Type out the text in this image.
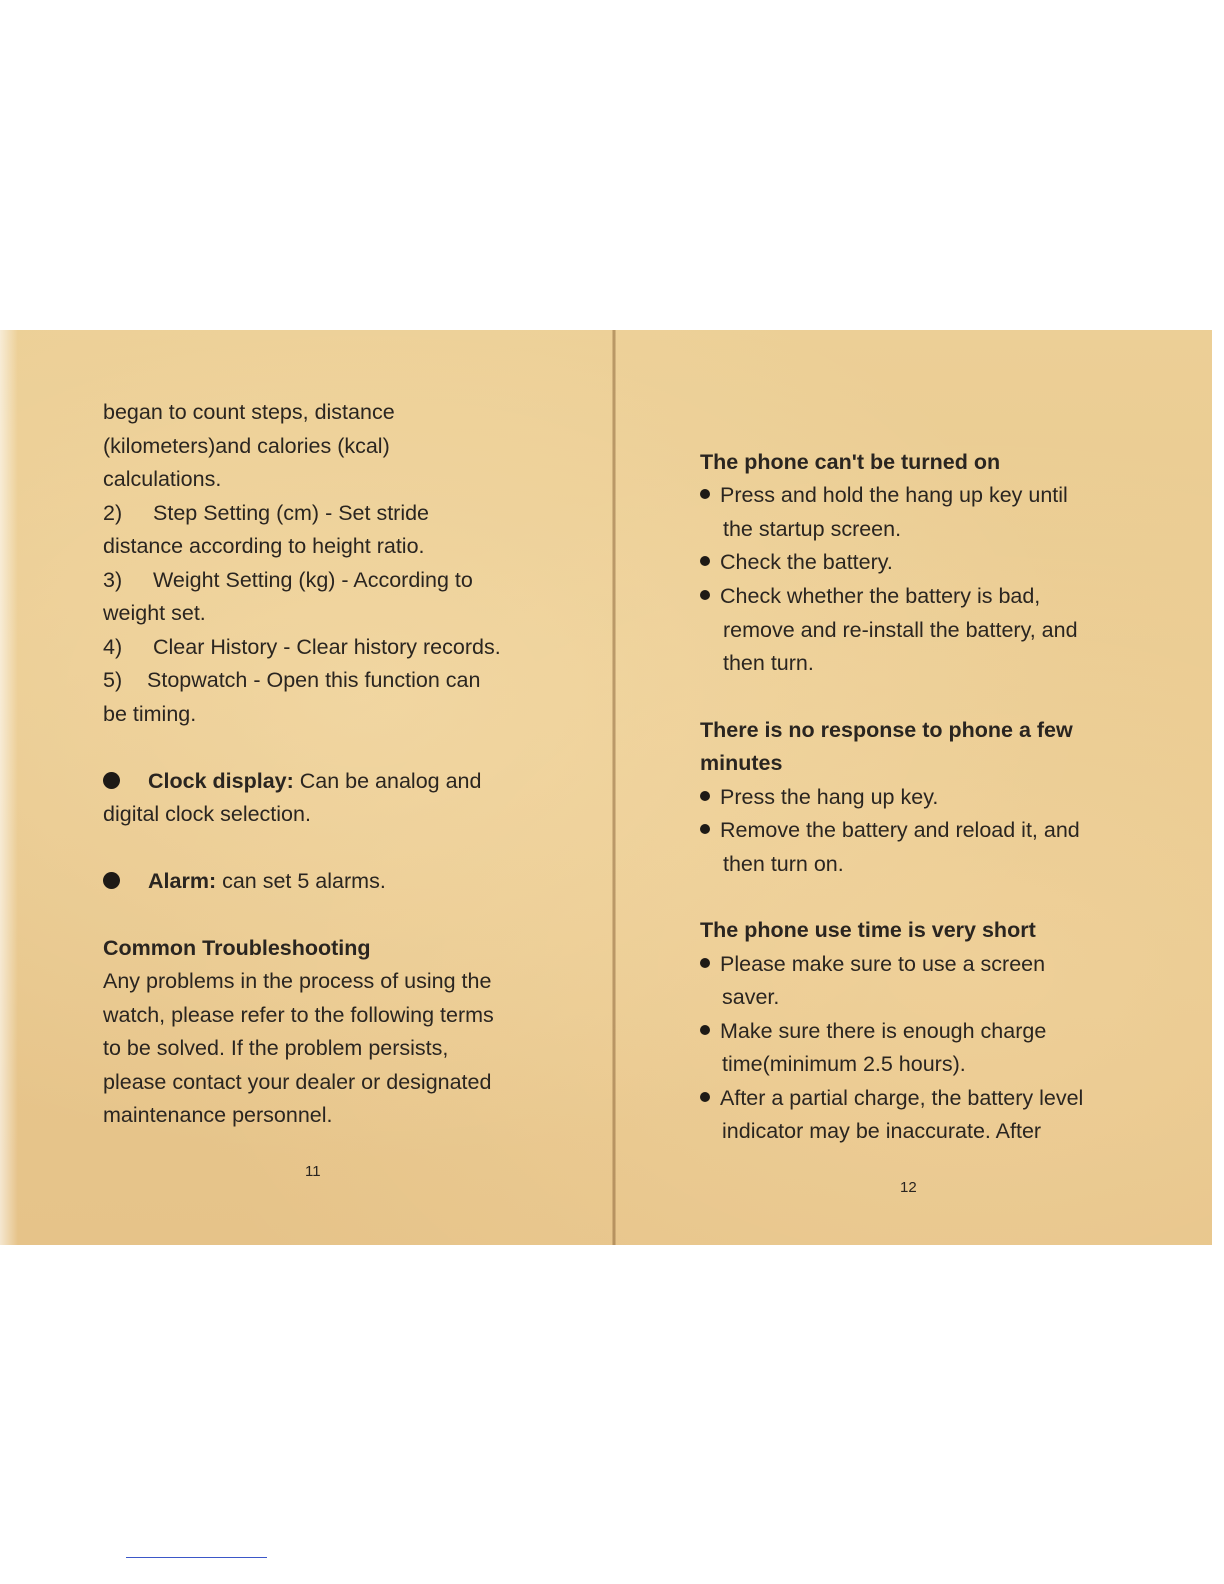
began to count steps, distance

(kilometers)and calories (kcal)

calculations.

2) Step Setting (cm) - Set stride

distance according to height ratio.

3) Weight Setting (kg) - According to

weight set.

4) Clear History - Clear history records.

5) Stopwatch - Open this function can

be timing.

Clock display: Can be analog and

digital clock selection.

Alarm: can set 5 alarms.

Common Troubleshooting

Any problems in the process of using the

watch, please refer to the following terms

to be solved. If the problem persists,

please contact your dealer or designated

maintenance personnel.

11

The phone can't be turned on

Press and hold the hang up key until

the startup screen.

Check the battery.

Check whether the battery is bad,

remove and re-install the battery, and

then turn.

There is no response to phone a few

minutes

Press the hang up key.

Remove the battery and reload it, and

then turn on.

The phone use time is very short

Please make sure to use a screen

saver.

Make sure there is enough charge

time(minimum 2.5 hours).

After a partial charge, the battery level

indicator may be inaccurate. After

12
